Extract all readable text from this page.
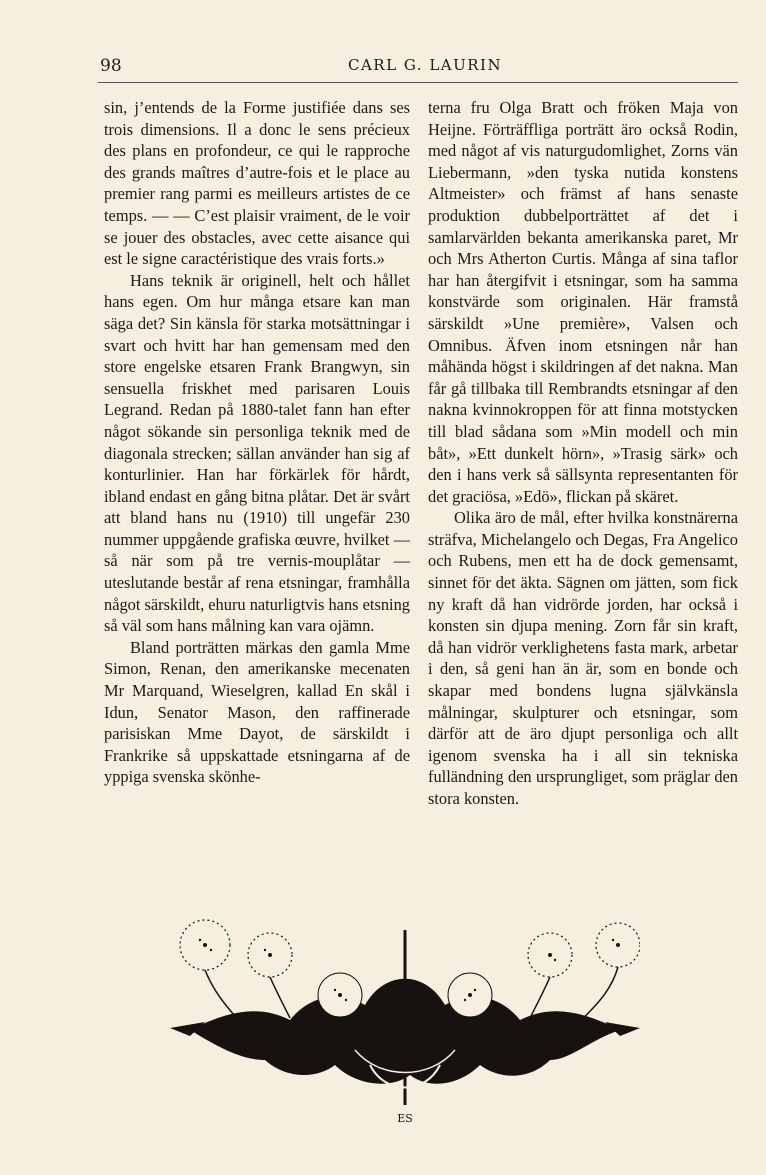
98	CARL G. LAURIN

sin, j’entends de la Forme justifiée dans ses trois dimensions. Il a donc le sens précieux des plans en profondeur, ce qui le rapproche des grands maîtres d’autre-fois et le place au premier rang parmi es meilleurs artistes de ce temps. — — C’est plaisir vraiment, de le voir se jouer des obstacles, avec cette aisance qui est le signe caractéristique des vrais forts.»

Hans teknik är originell, helt och hållet hans egen. Om hur många etsare kan man säga det? Sin känsla för starka motsättningar i svart och hvitt har han gemensam med den store engelske etsaren Frank Brangwyn, sin sensuella friskhet med parisaren Louis Legrand. Redan på 1880-talet fann han efter något sökande sin personliga teknik med de diagonala strecken; sällan använder han sig af konturlinier. Han har förkärlek för hårdt, ibland endast en gång bitna plåtar. Det är svårt att bland hans nu (1910) till ungefär 230 nummer uppgående grafiska œuvre, hvilket — så när som på tre vernis-mouplåtar — uteslutande består af rena etsningar, framhålla något särskildt, ehuru naturligtvis hans etsning så väl som hans målning kan vara ojämn.

Bland porträtten märkas den gamla Mme Simon, Renan, den amerikanske mecenaten Mr Marquand, Wieselgren, kallad En skål i Idun, Senator Mason, den raffinerade parisiskan Mme Dayot, de särskildt i Frankrike så uppskattade etsningarna af de yppiga svenska skönhe-

terna fru Olga Bratt och fröken Maja von Heijne. Förträffliga porträtt äro också Rodin, med något af vis naturgudomlighet, Zorns vän Liebermann, »den tyska nutida konstens Altmeister» och främst af hans senaste produktion dubbelporträttet af det i samlarvärlden bekanta amerikanska paret, Mr och Mrs Atherton Curtis. Många af sina taflor har han återgifvit i etsningar, som ha samma konstvärde som originalen. Här framstå särskildt »Une première», Valsen och Omnibus. Äfven inom etsningen når han måhända högst i skildringen af det nakna. Man får gå tillbaka till Rembrandts etsningar af den nakna kvinnokroppen för att finna motstycken till blad sådana som »Min modell och min båt», »Ett dunkelt hörn», »Trasig särk» och den i hans verk så sällsynta representanten för det graciösa, »Edö», flickan på skäret.

Olika äro de mål, efter hvilka konstnärerna sträfva, Michelangelo och Degas, Fra Angelico och Rubens, men ett ha de dock gemensamt, sinnet för det äkta. Sägnen om jätten, som fick ny kraft då han vidrörde jorden, har också i konsten sin djupa mening. Zorn får sin kraft, då han vidrör verklighetens fasta mark, arbetar i den, så geni han än är, som en bonde och skapar med bondens lugna självkänsla målningar, skulpturer och etsningar, som därför att de äro djupt personliga och allt igenom svenska ha i all sin tekniska fulländning den ursprungliget, som präglar den stora konsten.

ES
